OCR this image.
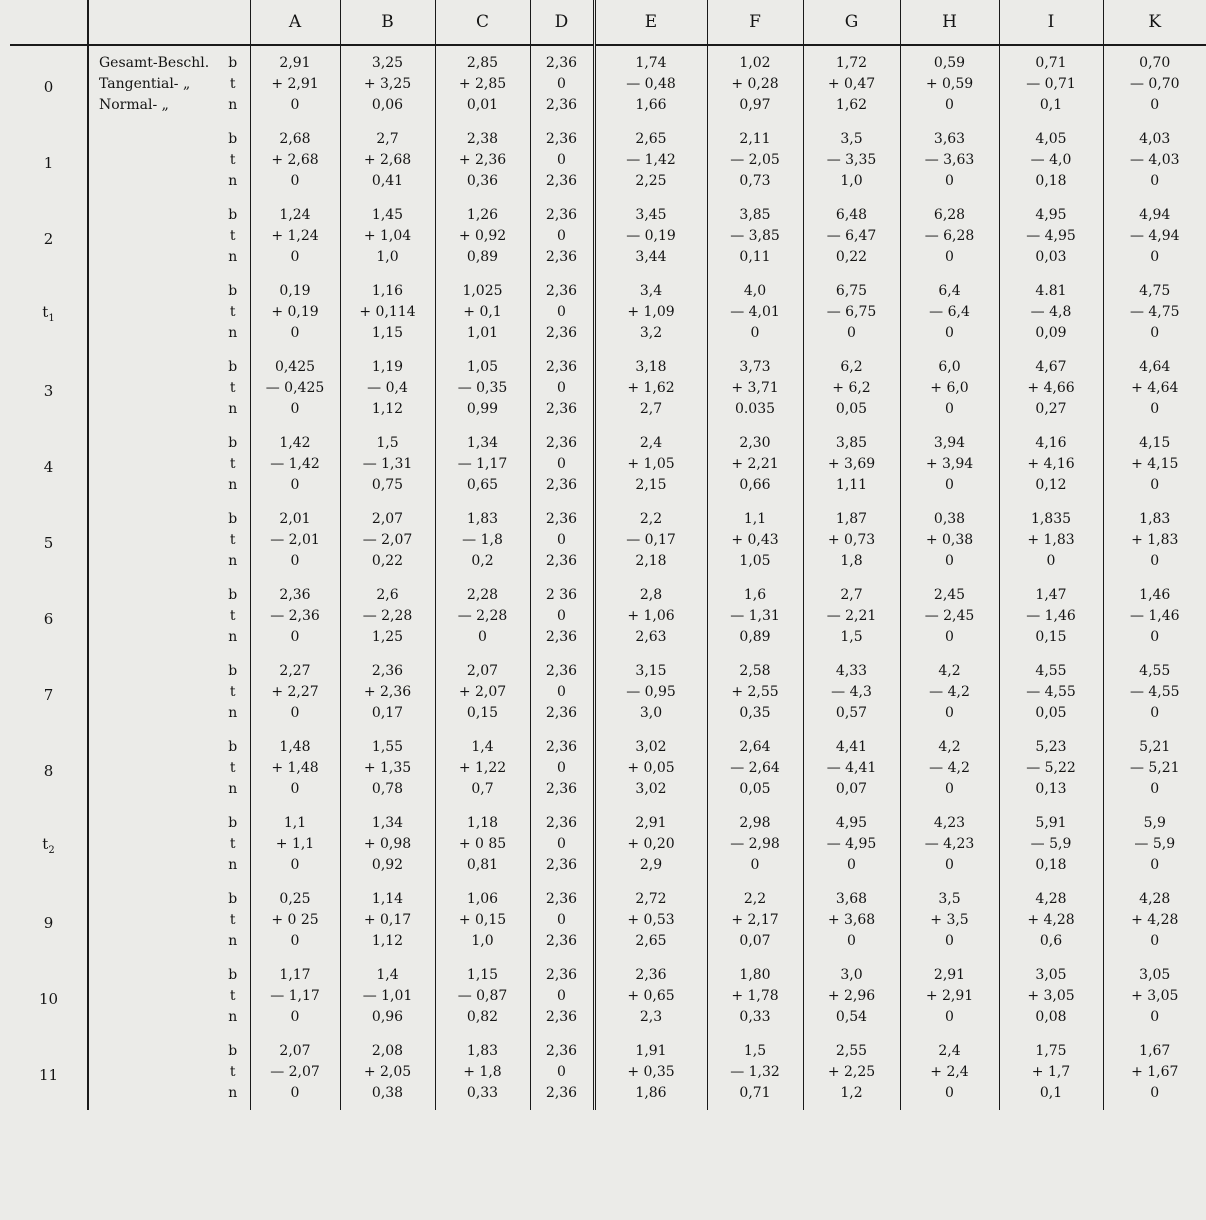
			A	B	C	D	E	F	G	H	I	K
0	Gesamt-Beschl.	b	2,91	3,25	2,85	2,36	1,74	1,02	1,72	0,59	0,71	0,70
	Tangential- „	t	+ 2,91	+ 3,25	+ 2,85	0	— 0,48	+ 0,28	+ 0,47	+ 0,59	— 0,71	— 0,70
	Normal- „	n	0	0,06	0,01	2,36	1,66	0,97	1,62	0	0,1	0
1		b	2,68	2,7	2,38	2,36	2,65	2,11	3,5	3,63	4,05	4,03
		t	+ 2,68	+ 2,68	+ 2,36	0	— 1,42	— 2,05	— 3,35	— 3,63	— 4,0	— 4,03
		n	0	0,41	0,36	2,36	2,25	0,73	1,0	0	0,18	0
2		b	1,24	1,45	1,26	2,36	3,45	3,85	6,48	6,28	4,95	4,94
		t	+ 1,24	+ 1,04	+ 0,92	0	— 0,19	— 3,85	— 6,47	— 6,28	— 4,95	— 4,94
		n	0	1,0	0,89	2,36	3,44	0,11	0,22	0	0,03	0
$t_1$		b	0,19	1,16	1,025	2,36	3,4	4,0	6,75	6,4	4.81	4,75
		t	+ 0,19	+ 0,114	+ 0,1	0	+ 1,09	— 4,01	— 6,75	— 6,4	— 4,8	— 4,75
		n	0	1,15	1,01	2,36	3,2	0	0	0	0,09	0
3		b	0,425	1,19	1,05	2,36	3,18	3,73	6,2	6,0	4,67	4,64
		t	— 0,425	— 0,4	— 0,35	0	+ 1,62	+ 3,71	+ 6,2	+ 6,0	+ 4,66	+ 4,64
		n	0	1,12	0,99	2,36	2,7	0.035	0,05	0	0,27	0
4		b	1,42	1,5	1,34	2,36	2,4	2,30	3,85	3,94	4,16	4,15
		t	— 1,42	— 1,31	— 1,17	0	+ 1,05	+ 2,21	+ 3,69	+ 3,94	+ 4,16	+ 4,15
		n	0	0,75	0,65	2,36	2,15	0,66	1,11	0	0,12	0
5		b	2,01	2,07	1,83	2,36	2,2	1,1	1,87	0,38	1,835	1,83
		t	— 2,01	— 2,07	— 1,8	0	— 0,17	+ 0,43	+ 0,73	+ 0,38	+ 1,83	+ 1,83
		n	0	0,22	0,2	2,36	2,18	1,05	1,8	0	0	0
6		b	2,36	2,6	2,28	2 36	2,8	1,6	2,7	2,45	1,47	1,46
		t	— 2,36	— 2,28	— 2,28	0	+ 1,06	— 1,31	— 2,21	— 2,45	— 1,46	— 1,46
		n	0	1,25	0	2,36	2,63	0,89	1,5	0	0,15	0
7		b	2,27	2,36	2,07	2,36	3,15	2,58	4,33	4,2	4,55	4,55
		t	+ 2,27	+ 2,36	+ 2,07	0	— 0,95	+ 2,55	— 4,3	— 4,2	— 4,55	— 4,55
		n	0	0,17	0,15	2,36	3,0	0,35	0,57	0	0,05	0
8		b	1,48	1,55	1,4	2,36	3,02	2,64	4,41	4,2	5,23	5,21
		t	+ 1,48	+ 1,35	+ 1,22	0	+ 0,05	— 2,64	— 4,41	— 4,2	— 5,22	— 5,21
		n	0	0,78	0,7	2,36	3,02	0,05	0,07	0	0,13	0
$t_2$		b	1,1	1,34	1,18	2,36	2,91	2,98	4,95	4,23	5,91	5,9
		t	+ 1,1	+ 0,98	+ 0 85	0	+ 0,20	— 2,98	— 4,95	— 4,23	— 5,9	— 5,9
		n	0	0,92	0,81	2,36	2,9	0	0	0	0,18	0
9		b	0,25	1,14	1,06	2,36	2,72	2,2	3,68	3,5	4,28	4,28
		t	+ 0 25	+ 0,17	+ 0,15	0	+ 0,53	+ 2,17	+ 3,68	+ 3,5	+ 4,28	+ 4,28
		n	0	1,12	1,0	2,36	2,65	0,07	0	0	0,6	0
10		b	1,17	1,4	1,15	2,36	2,36	1,80	3,0	2,91	3,05	3,05
		t	— 1,17	— 1,01	— 0,87	0	+ 0,65	+ 1,78	+ 2,96	+ 2,91	+ 3,05	+ 3,05
		n	0	0,96	0,82	2,36	2,3	0,33	0,54	0	0,08	0
11		b	2,07	2,08	1,83	2,36	1,91	1,5	2,55	2,4	1,75	1,67
		t	— 2,07	+ 2,05	+ 1,8	0	+ 0,35	— 1,32	+ 2,25	+ 2,4	+ 1,7	+ 1,67
		n	0	0,38	0,33	2,36	1,86	0,71	1,2	0	0,1	0
